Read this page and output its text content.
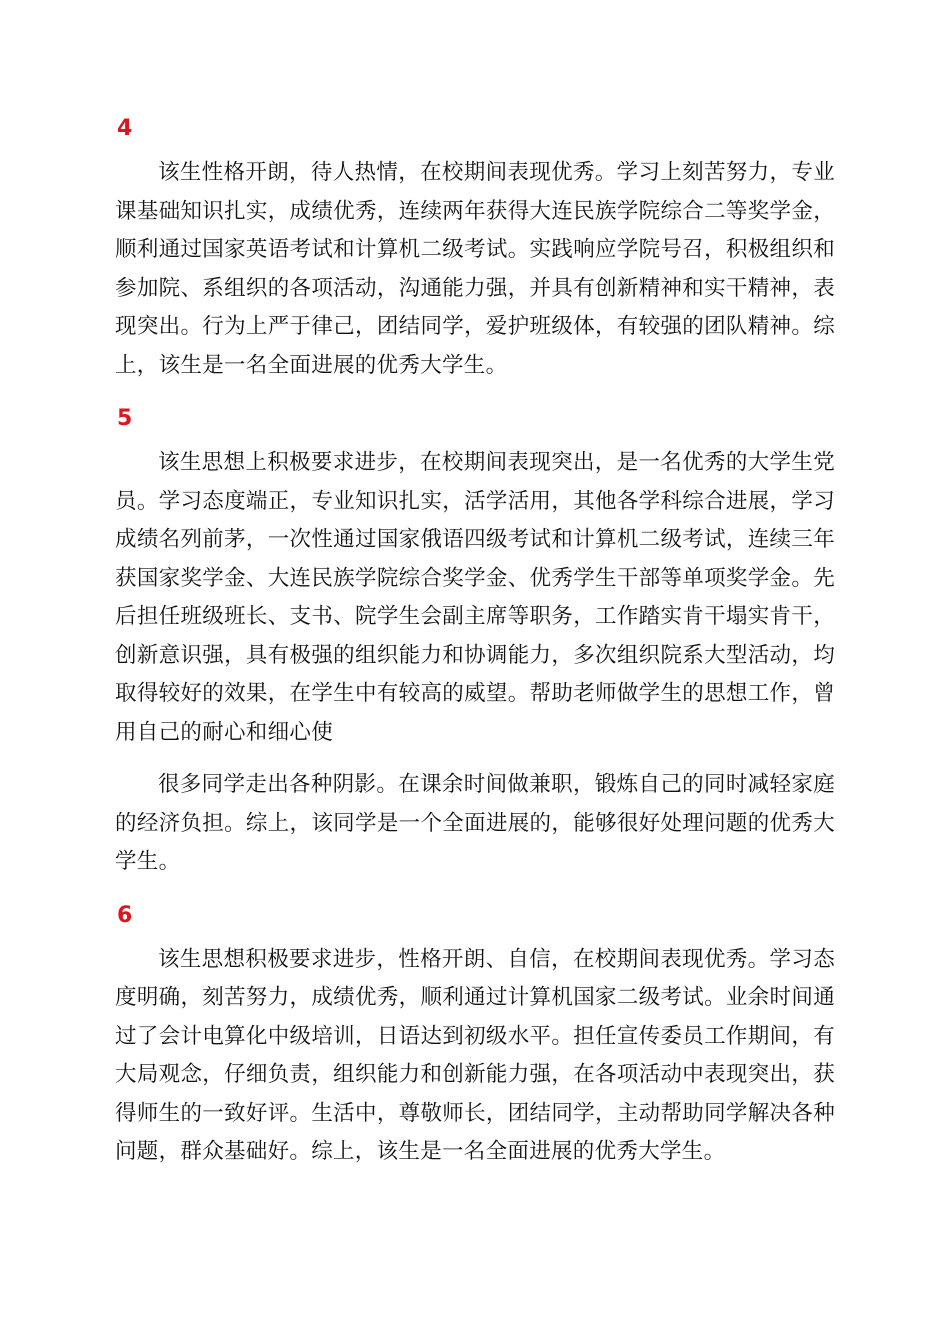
4

该生性格开朗，待人热情，在校期间表现优秀。学习上刻苦努力，专业课基础知识扎实，成绩优秀，连续两年获得大连民族学院综合二等奖学金，顺利通过国家英语考试和计算机二级考试。实践响应学院号召，积极组织和参加院、系组织的各项活动，沟通能力强，并具有创新精神和实干精神，表现突出。行为上严于律己，团结同学，爱护班级体，有较强的团队精神。综上，该生是一名全面进展的优秀大学生。

5

该生思想上积极要求进步，在校期间表现突出，是一名优秀的大学生党员。学习态度端正，专业知识扎实，活学活用，其他各学科综合进展，学习成绩名列前茅，一次性通过国家俄语四级考试和计算机二级考试，连续三年获国家奖学金、大连民族学院综合奖学金、优秀学生干部等单项奖学金。先后担任班级班长、支书、院学生会副主席等职务，工作踏实肯干塌实肯干，创新意识强，具有极强的组织能力和协调能力，多次组织院系大型活动，均取得较好的效果，在学生中有较高的威望。帮助老师做学生的思想工作，曾用自己的耐心和细心使

很多同学走出各种阴影。在课余时间做兼职，锻炼自己的同时减轻家庭的经济负担。综上，该同学是一个全面进展的，能够很好处理问题的优秀大学生。

6

该生思想积极要求进步，性格开朗、自信，在校期间表现优秀。学习态度明确，刻苦努力，成绩优秀，顺利通过计算机国家二级考试。业余时间通过了会计电算化中级培训，日语达到初级水平。担任宣传委员工作期间，有大局观念，仔细负责，组织能力和创新能力强，在各项活动中表现突出，获得师生的一致好评。生活中，尊敬师长，团结同学，主动帮助同学解决各种问题，群众基础好。综上，该生是一名全面进展的优秀大学生。
